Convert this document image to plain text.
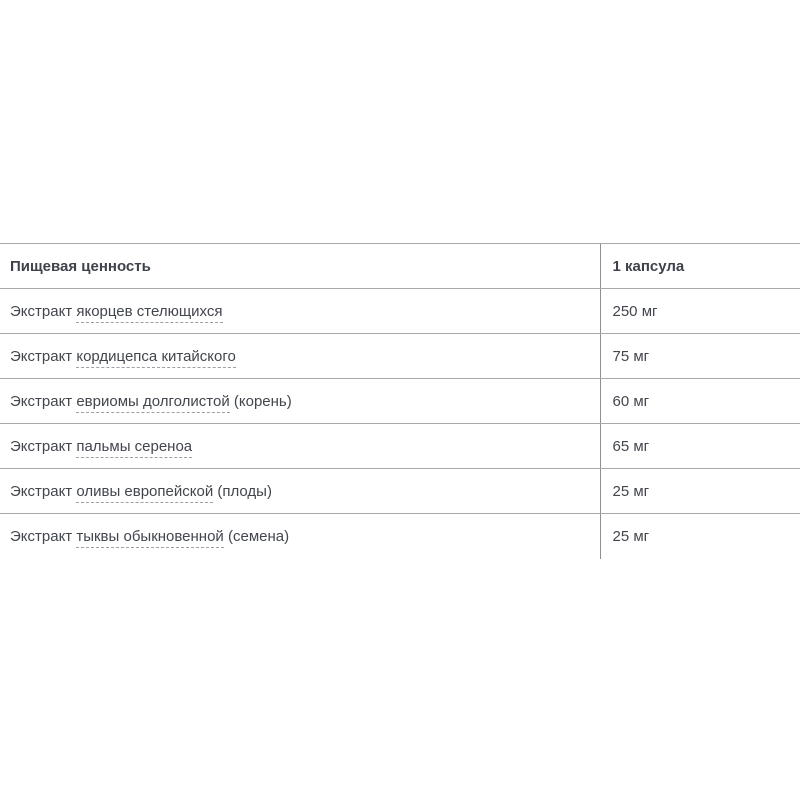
Пищевая ценность	1 капсула
Экстракт якорцев стелющихся	250 мг
Экстракт кордицепса китайского	75 мг
Экстракт евриомы долголистой (корень)	60 мг
Экстракт пальмы сереноа	65 мг
Экстракт оливы европейской (плоды)	25 мг
Экстракт тыквы обыкновенной (семена)	25 мг
